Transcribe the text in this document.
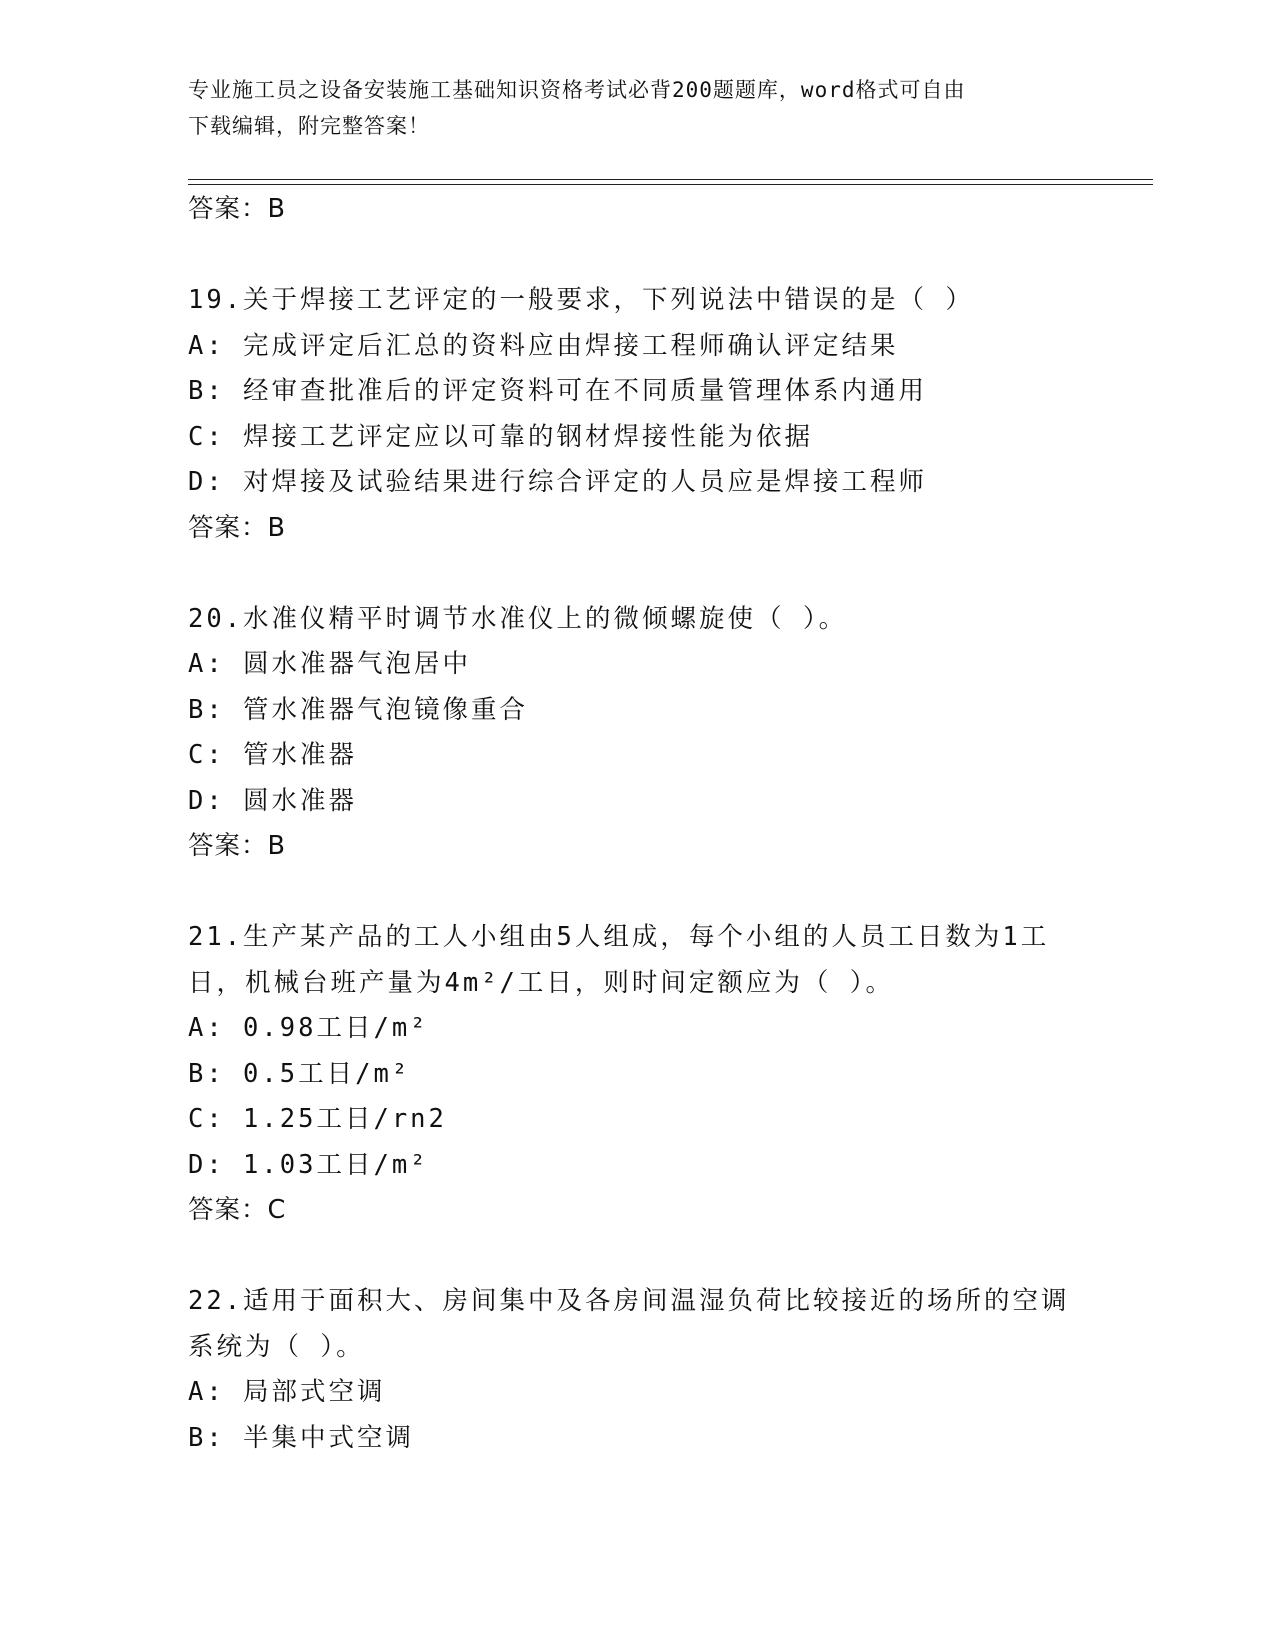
专业施工员之设备安装施工基础知识资格考试必背200题题库，word格式可自由
下载编辑，附完整答案！
答案：B
19.关于焊接工艺评定的一般要求，下列说法中错误的是（ ）
A: 完成评定后汇总的资料应由焊接工程师确认评定结果
B: 经审查批准后的评定资料可在不同质量管理体系内通用
C: 焊接工艺评定应以可靠的钢材焊接性能为依据
D: 对焊接及试验结果进行综合评定的人员应是焊接工程师
答案：B
20.水准仪精平时调节水准仪上的微倾螺旋使（ ）。
A: 圆水准器气泡居中
B: 管水准器气泡镜像重合
C: 管水准器
D: 圆水准器
答案：B
21.生产某产品的工人小组由5人组成，每个小组的人员工日数为1工
日，机械台班产量为4m²/工日，则时间定额应为（ ）。
A: 0.98工日/m²
B: 0.5工日/m²
C: 1.25工日/rn2
D: 1.03工日/m²
答案：C
22.适用于面积大、房间集中及各房间温湿负荷比较接近的场所的空调
系统为（ ）。
A: 局部式空调
B: 半集中式空调
